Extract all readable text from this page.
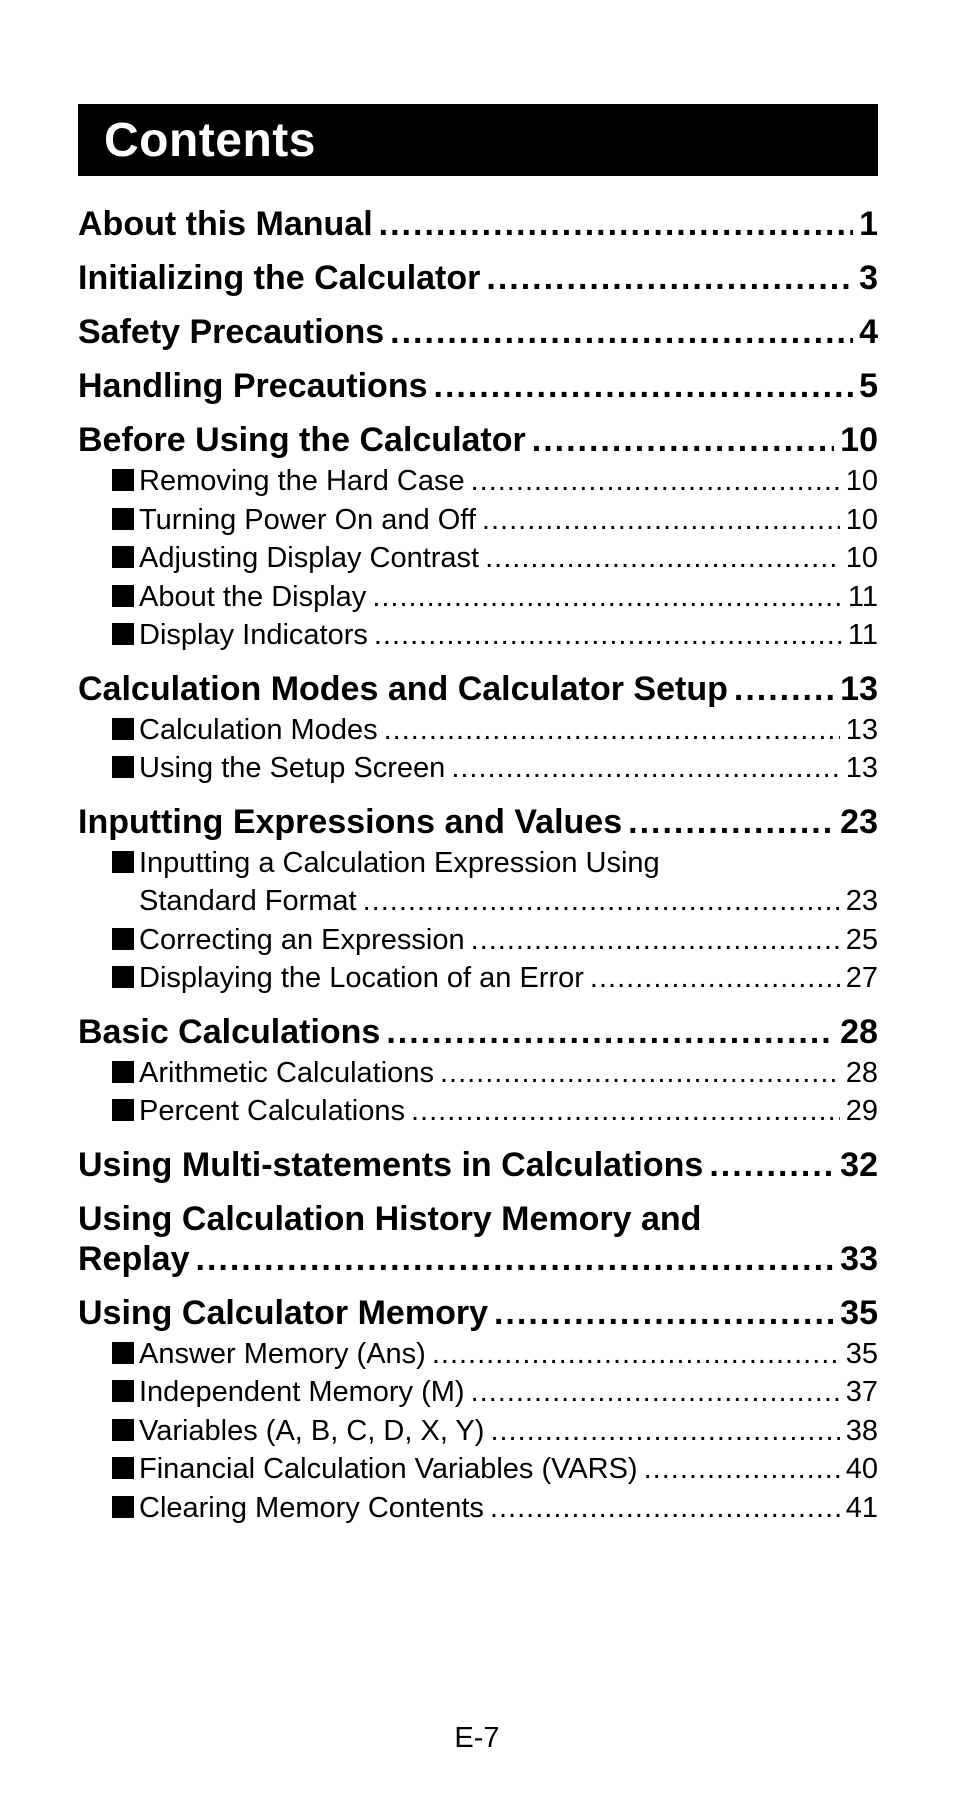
Contents
About this Manual .....	1
Initializing the Calculator .....	3
Safety Precautions .....	4
Handling Precautions .....	5
Before Using the Calculator .....	10
Removing the Hard Case .....	10
Turning Power On and Off .....	10
Adjusting Display Contrast .....	10
About the Display .....	11
Display Indicators .....	11
Calculation Modes and Calculator Setup .....	13
Calculation Modes .....	13
Using the Setup Screen .....	13
Inputting Expressions and Values .....	23
Inputting a Calculation Expression Using
Standard Format .....	23
Correcting an Expression .....	25
Displaying the Location of an Error .....	27
Basic Calculations .....	28
Arithmetic Calculations .....	28
Percent Calculations .....	29
Using Multi-statements in Calculations .....	32
Using Calculation History Memory and
Replay .....	33
Using Calculator Memory .....	35
Answer Memory (Ans) .....	35
Independent Memory (M) .....	37
Variables (A, B, C, D, X, Y) .....	38
Financial Calculation Variables (VARS) .....	40
Clearing Memory Contents .....	41
E-7
